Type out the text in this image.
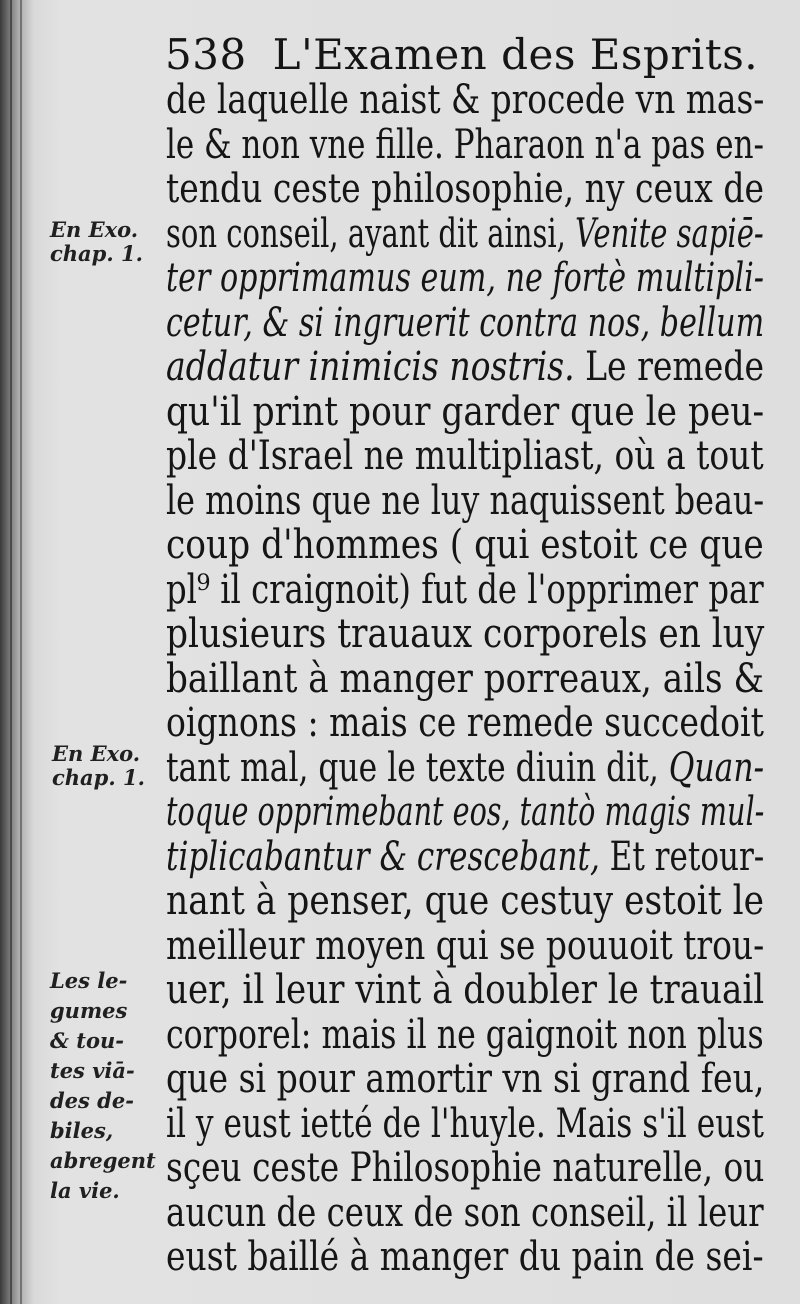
538 L'Examen des Esprits.
de laquelle naist & procede vn mas-
le & non vne fille. Pharaon n'a pas en-
tendu ceste philosophie, ny ceux de
son conseil, ayant dit ainsi, Venite sapiē-
ter opprimamus eum, ne fortè multipli-
cetur, & si ingruerit contra nos, bellum
addatur inimicis nostris. Le remede
qu'il print pour garder que le peu-
ple d'Israel ne multipliast, où a tout
le moins que ne luy naquissent beau-
coup d'hommes ( qui estoit ce que
pl⁹ il craignoit) fut de l'opprimer par
plusieurs trauaux corporels en luy
baillant à manger porreaux, ails &
oignons : mais ce remede succedoit
tant mal, que le texte diuin dit, Quan-
toque opprimebant eos, tantò magis mul-
tiplicabantur & crescebant, Et retour-
nant à penser, que cestuy estoit le
meilleur moyen qui se pouuoit trou-
uer, il leur vint à doubler le trauail
corporel: mais il ne gaignoit non plus
que si pour amortir vn si grand feu,
il y eust ietté de l'huyle. Mais s'il eust
sçeu ceste Philosophie naturelle, ou
aucun de ceux de son conseil, il leur
eust baillé à manger du pain de sei-
En Exo.
chap. 1.
En Exo.
chap. 1.
Les le-
gumes
& tou-
tes viā-
des de-
biles,
abregent
la vie.
